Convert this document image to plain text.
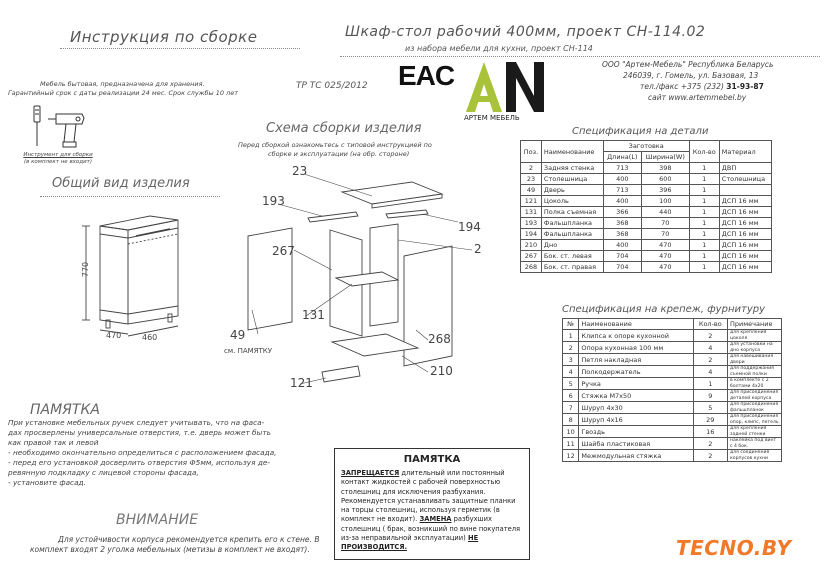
Инструкция по сборке	Шкаф-стол рабочий 400мм, проект СН-114.02
из набора мебели для кухни, проект СН-114
ООО "Артем-Мебель" Республика Беларусь
246039, г. Гомель, ул. Базовая, 13
тел./факс +375 (232) 31-93-87
сайт www.artemmebel.by
ТР ТС 025/2012 EAC
АРТЕМ МЕБЕЛЬ
Мебель бытовая, предназначена для хранения.
Гарантийный срок с даты реализации 24 мес. Срок службы 10 лет
Инструмент для сборки
(в комплект не входит)
Общий вид изделия
770
470	460
Схема сборки изделия
Перед сборкой ознакомьтесь с типовой инструкцией по
сборке и эксплуатации (на обр. стороне)
23
193
194
2
267
131
49	268
210
121
см. ПАМЯТКУ
Спецификация на детали
Поз.	Наименование	Заготовка		Кол-во	Материал
		Длина(L)	Ширина(W)		
2	Задняя стенка	713	398	1	ДВП
23	Столешница	400	600	1	Столешница
49	Дверь	713	396	1	
121	Цоколь	400	100	1	ДСП 16 мм
131	Полка съемная	366	440	1	ДСП 16 мм
193	Фальшпланка	368	70	1	ДСП 16 мм
194	Фальшпланка	368	70	1	ДСП 16 мм
210	Дно	400	470	1	ДСП 16 мм
267	Бок. ст. левая	704	470	1	ДСП 16 мм
268	Бок. ст. правая	704	470	1	ДСП 16 мм
Спецификация на крепеж, фурнитуру
№	Наименование	Кол-во	Примечание
1	Клипса к опоре кухонной	2	для крепления цоколя
2	Опора кухонная 100 мм	4	для установки на дно корпуса
3	Петля накладная	2	для навешивания двери
4	Полкодержатель	4	для поддержания съемной полки
5	Ручка	1	в комплекте с 2 болтами 4х20
6	Стяжка М7х50	9	для присоединения деталей корпуса
7	Шуруп 4х30	5	для присоединения фальшпланок
8	Шуруп 4х16	29	для присоединения опор, клипс, петель
10	Гвоздь	16	для крепления задней стенки
11	Шайба пластиковая	2	наклейка под винт с 4 бок.
12	Межмодульная стяжка	2	для соединения корпусов кухни
ПАМЯТКА
При установке мебельных ручек следует учитывать, что на фаса-
дах просверлены универсальные отверстия, т.е. дверь может быть
как правой так и левой
- необходимо окончательно определиться с расположением фасада,
- перед его установкой досверлить отверстия Ф5мм, используя де-
ревянную подкладку с лицевой стороны фасада,
- установите фасад.
ВНИМАНИЕ
Для устойчивости корпуса рекомендуется крепить его к стене. В
комплект входят 2 уголка мебельных (метизы в комплект не входят).
ПАМЯТКА
ЗАПРЕЩАЕТСЯ длительный или постоянный контакт жидкостей с рабочей поверхностью столешниц для исключения разбухания. Рекомендуется устанавливать защитные планки на торцы столешниц, используя герметик (в комплект не входит). ЗАМЕНА разбухших столешниц ( брак, возникший по вине покупателя из-за неправильной эксплуатации) НЕ ПРОИЗВОДИТСЯ.	TECNO.BY
